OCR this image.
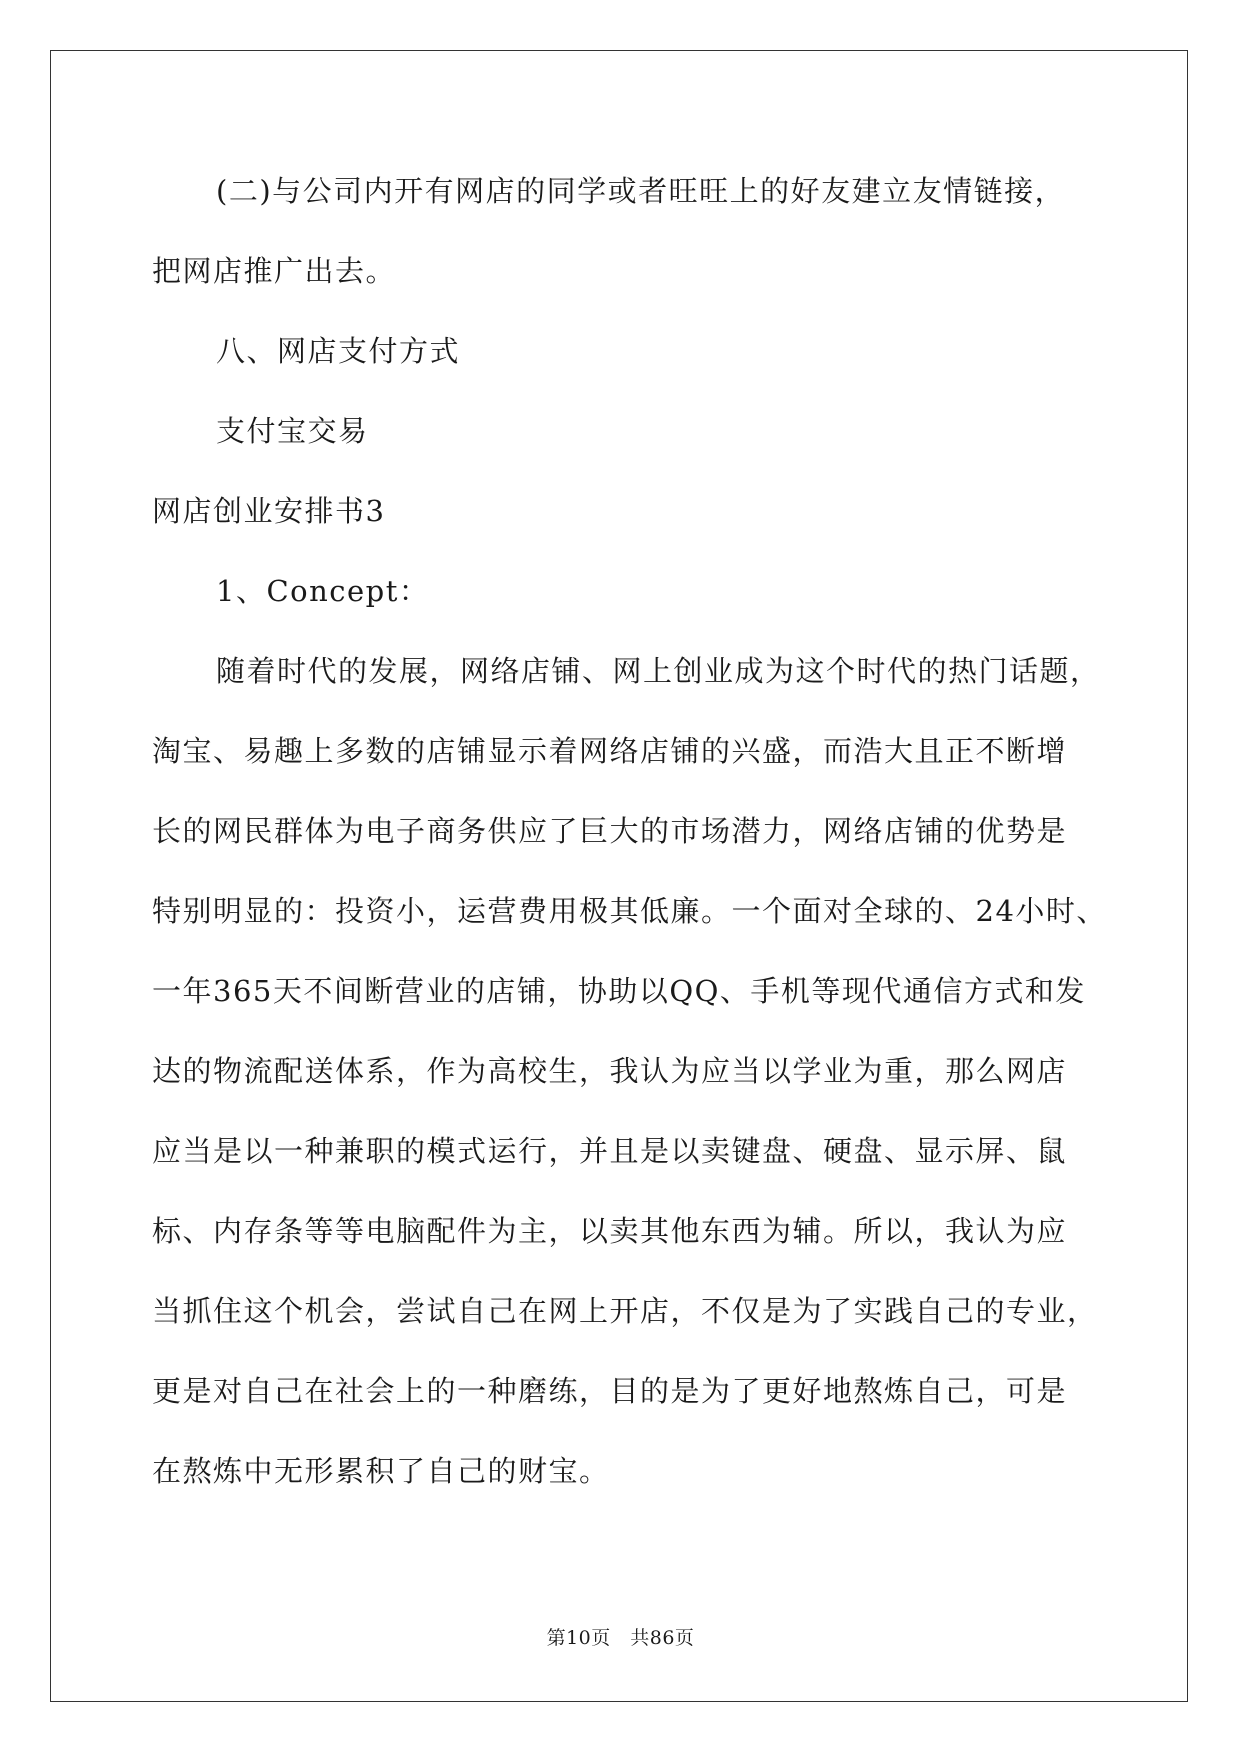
(二)与公司内开有网店的同学或者旺旺上的好友建立友情链接，
把网店推广出去。
八、网店支付方式
支付宝交易
网店创业安排书3
1、Concept：
随着时代的发展，网络店铺、网上创业成为这个时代的热门话题，
淘宝、易趣上多数的店铺显示着网络店铺的兴盛，而浩大且正不断增
长的网民群体为电子商务供应了巨大的市场潜力，网络店铺的优势是
特别明显的：投资小，运营费用极其低廉。一个面对全球的、24小时、
一年365天不间断营业的店铺，协助以QQ、手机等现代通信方式和发
达的物流配送体系，作为高校生，我认为应当以学业为重，那么网店
应当是以一种兼职的模式运行，并且是以卖键盘、硬盘、显示屏、鼠
标、内存条等等电脑配件为主，以卖其他东西为辅。所以，我认为应
当抓住这个机会，尝试自己在网上开店，不仅是为了实践自己的专业，
更是对自己在社会上的一种磨练，目的是为了更好地熬炼自己，可是
在熬炼中无形累积了自己的财宝。
第10页　共86页
